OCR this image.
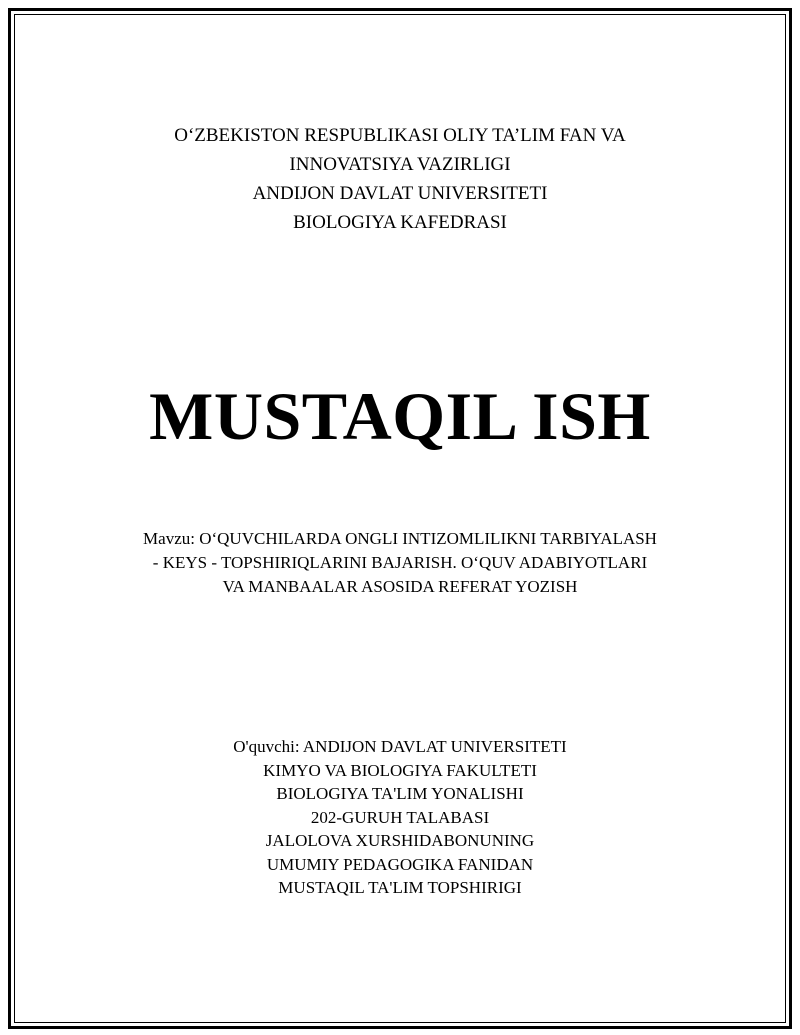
O‘ZBEKISTON RESPUBLIKASI OLIY TA’LIM FAN VA
INNOVATSIYA VAZIRLIGI
ANDIJON DAVLAT UNIVERSITETI
BIOLOGIYA KAFEDRASI
MUSTAQIL ISH
Mavzu: O‘QUVCHILARDA ONGLI INTIZOMLILIKNI TARBIYALASH
- KEYS - TOPSHIRIQLARINI BAJARISH. O‘QUV ADABIYOTLARI
VA MANBAALAR ASOSIDA REFERAT YOZISH
O'quvchi: ANDIJON DAVLAT UNIVERSITETI
KIMYO VA BIOLOGIYA FAKULTETI
BIOLOGIYA TA'LIM YONALISHI
202-GURUH TALABASI
JALOLOVA XURSHIDABONUNING
UMUMIY PEDAGOGIKA FANIDAN
MUSTAQIL TA'LIM TOPSHIRIGI
